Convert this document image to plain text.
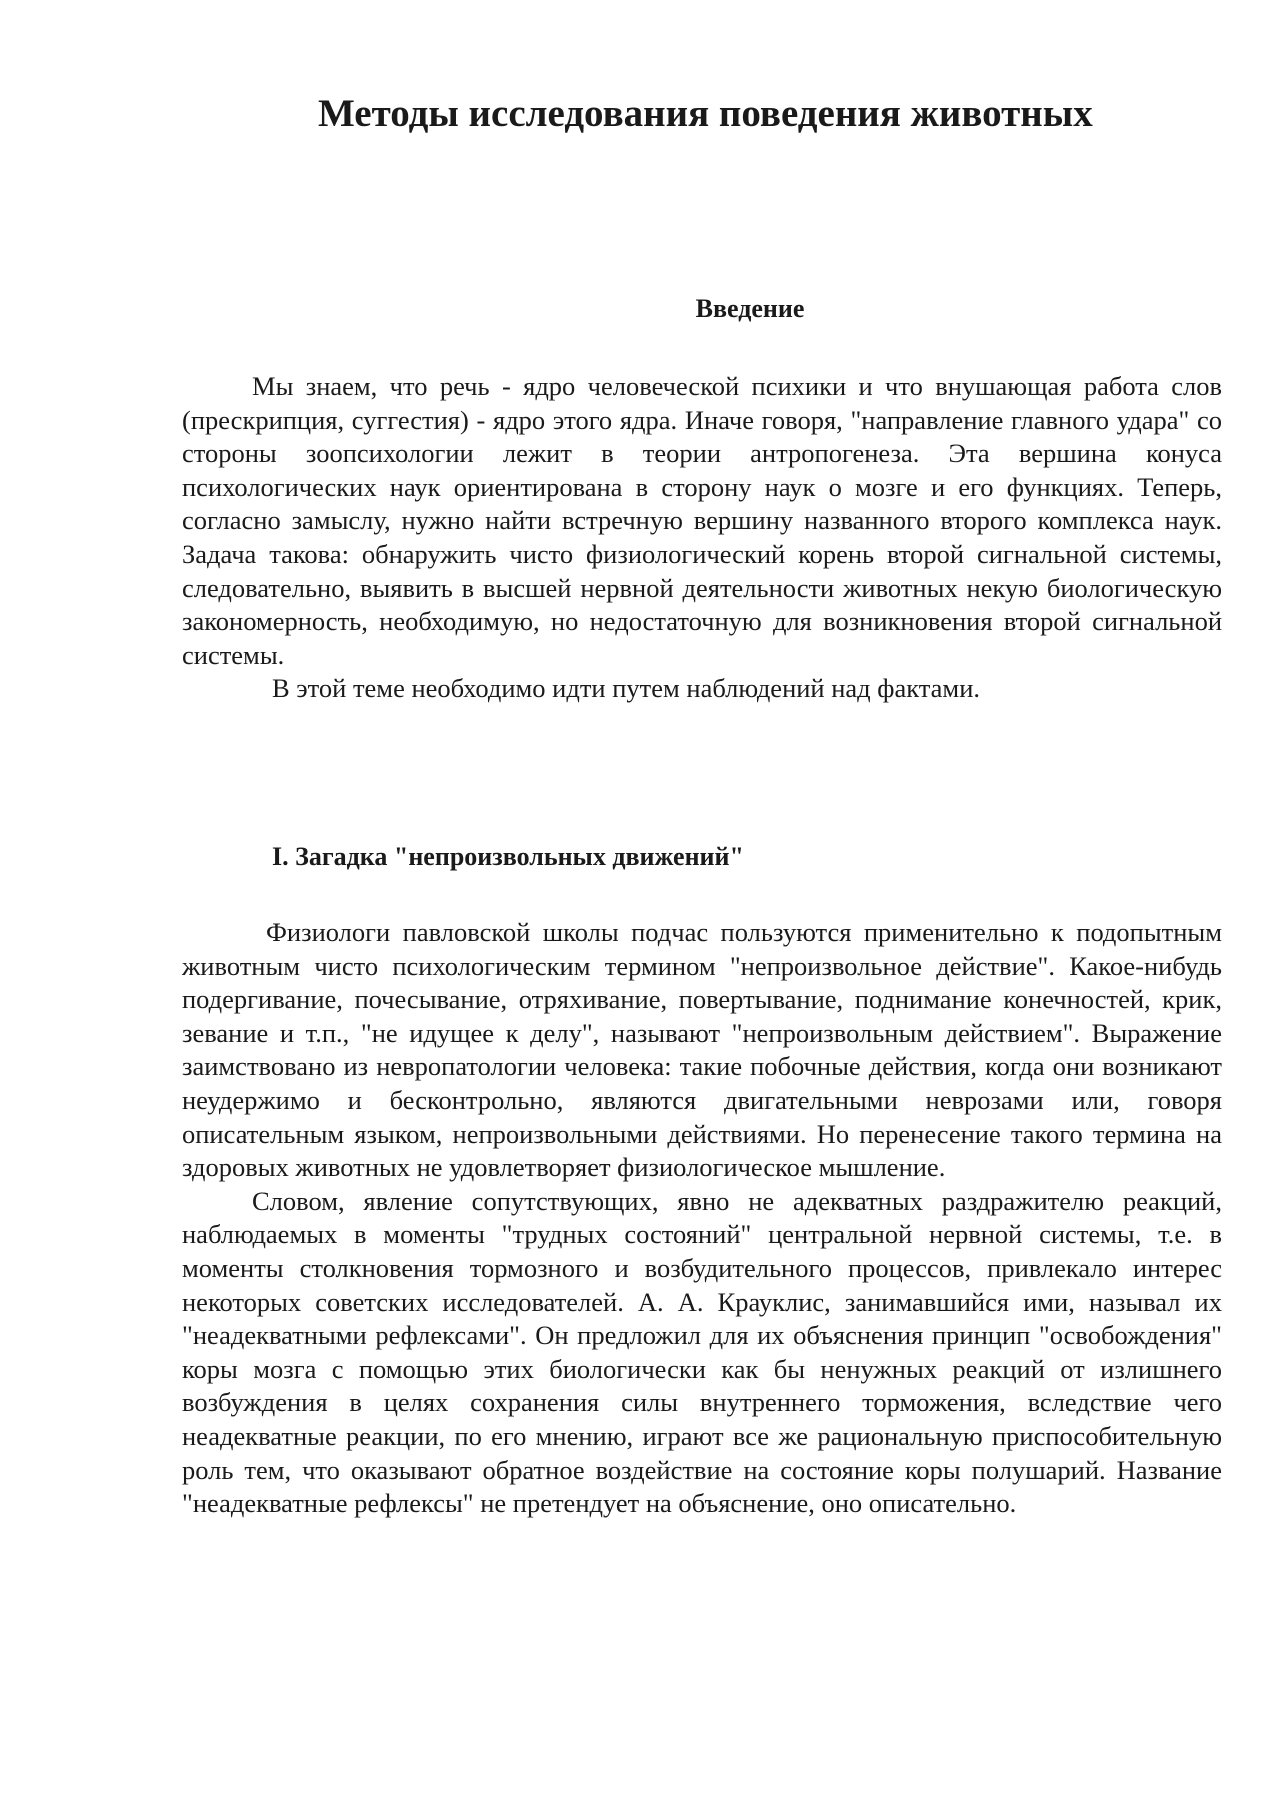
Методы исследования поведения животных
Введение

Мы знаем, что речь - ядро человеческой психики и что внушающая работа слов (прескрипция, суггестия) - ядро этого ядра. Иначе говоря, "направление главного удара" со стороны зоопсихологии лежит в теории антропогенеза. Эта вершина конуса психологических наук ориентирована в сторону наук о мозге и его функциях. Теперь, согласно замыслу, нужно найти встречную вершину названного второго комплекса наук. Задача такова: обнаружить чисто физиологический корень второй сигнальной системы, следовательно, выявить в высшей нервной деятельности животных некую биологическую закономерность, необходимую, но недостаточную для возникновения второй сигнальной системы.

В этой теме необходимо идти путем наблюдений над фактами.

I. Загадка "непроизвольных движений"

Физиологи павловской школы подчас пользуются применительно к подопытным животным чисто психологическим термином "непроизвольное действие". Какое-нибудь подергивание, почесывание, отряхивание, повертывание, поднимание конечностей, крик, зевание и т.п., "не идущее к делу", называют "непроизвольным действием". Выражение заимствовано из невропатологии человека: такие побочные действия, когда они возникают неудержимо и бесконтрольно, являются двигательными неврозами или, говоря описательным языком, непроизвольными действиями. Но перенесение такого термина на здоровых животных не удовлетворяет физиологическое мышление.

Словом, явление сопутствующих, явно не адекватных раздражителю реакций, наблюдаемых в моменты "трудных состояний" центральной нервной системы, т.е. в моменты столкновения тормозного и возбудительного процессов, привлекало интерес некоторых советских исследователей. А. А. Крауклис, занимавшийся ими, называл их "неадекватными рефлексами". Он предложил для их объяснения принцип "освобождения" коры мозга с помощью этих биологически как бы ненужных реакций от излишнего возбуждения в целях сохранения силы внутреннего торможения, вследствие чего неадекватные реакции, по его мнению, играют все же рациональную приспособительную роль тем, что оказывают обратное воздействие на состояние коры полушарий. Название "неадекватные рефлексы" не претендует на объяснение, оно описательно.
